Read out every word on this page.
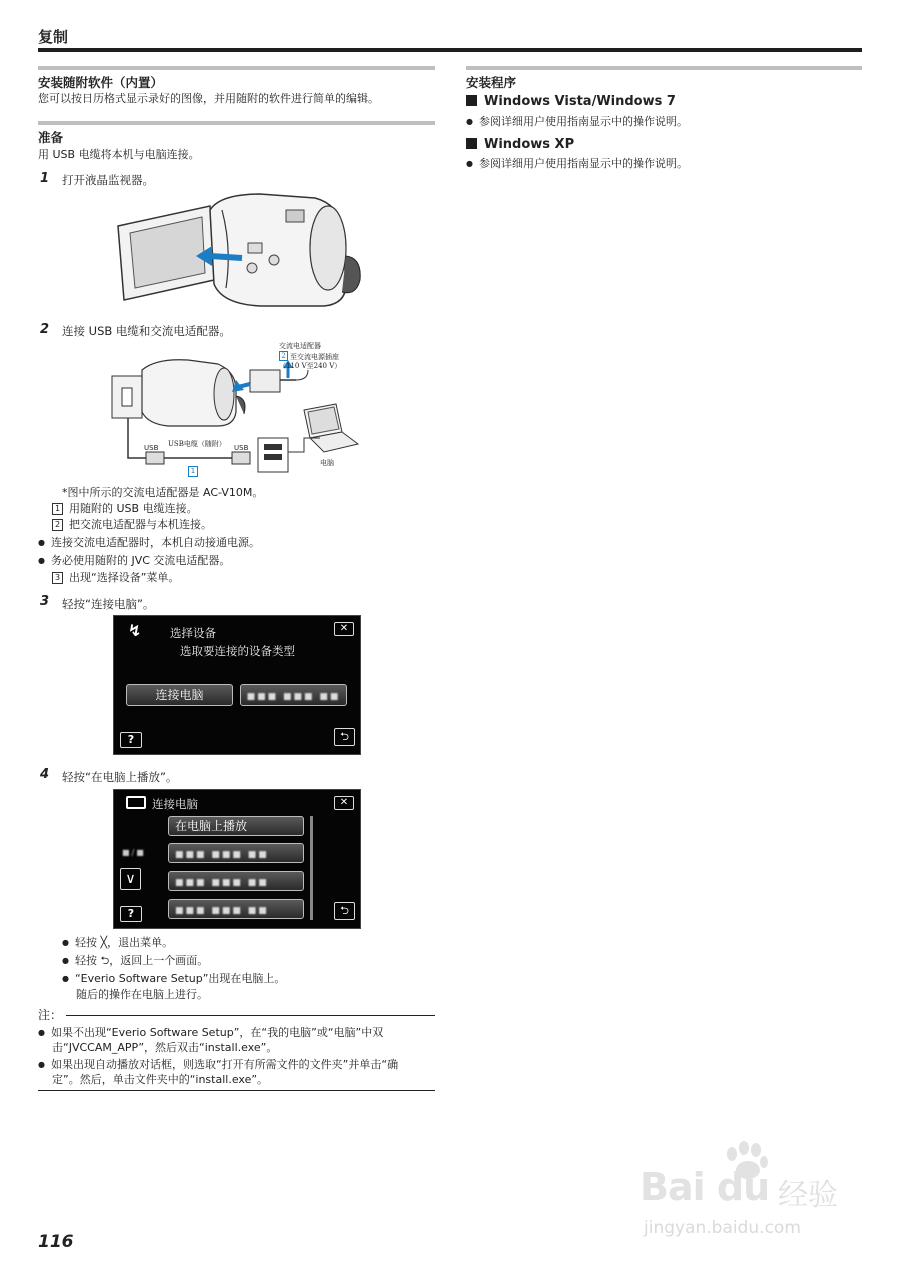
复制
安装随附软件（内置）
您可以按日历格式显示录好的图像，并用随附的软件进行简单的编辑。
准备
用 USB 电缆将本机与电脑连接。
1 打开液晶监视器。
2 连接 USB 电缆和交流电适配器。
交流电适配器
2 至交流电源插座
（110 V至240 V）
USB电缆（随附）
USB	USB
1
电脑
*图中所示的交流电适配器是 AC-V10M。
1 用随附的 USB 电缆连接。
2 把交流电适配器与本机连接。
● 连接交流电适配器时，本机自动接通电源。
● 务必使用随附的 JVC 交流电适配器。
3 出现“选择设备”菜单。
3 轻按“连接电脑”。
↯ 选择设备
选取要连接的设备类型
✕
连接电脑	■■■ ■■■ ■■
?	⮌
4 轻按“在电脑上播放”。
连接电脑	✕
在电脑上播放
■■■ ■■■ ■■
■■■ ■■■ ■■
■■■ ■■■ ■■
■/■
∨
?	⮌
● 轻按 ╳，退出菜单。
● 轻按 ⮌，返回上一个画面。
● “Everio Software Setup”出现在电脑上。
随后的操作在电脑上进行。
注：
● 如果不出现“Everio Software Setup”，在“我的电脑”或“电脑”中双
击“JVCCAM_APP”，然后双击“install.exe”。
● 如果出现自动播放对话框，则选取“打开有所需文件的文件夹”并单击“确
定”。然后，单击文件夹中的“install.exe”。
安装程序
Windows Vista/Windows 7
● 参阅详细用户使用指南显示中的操作说明。
Windows XP
● 参阅详细用户使用指南显示中的操作说明。
116
Bai du 经验
jingyan.baidu.com
